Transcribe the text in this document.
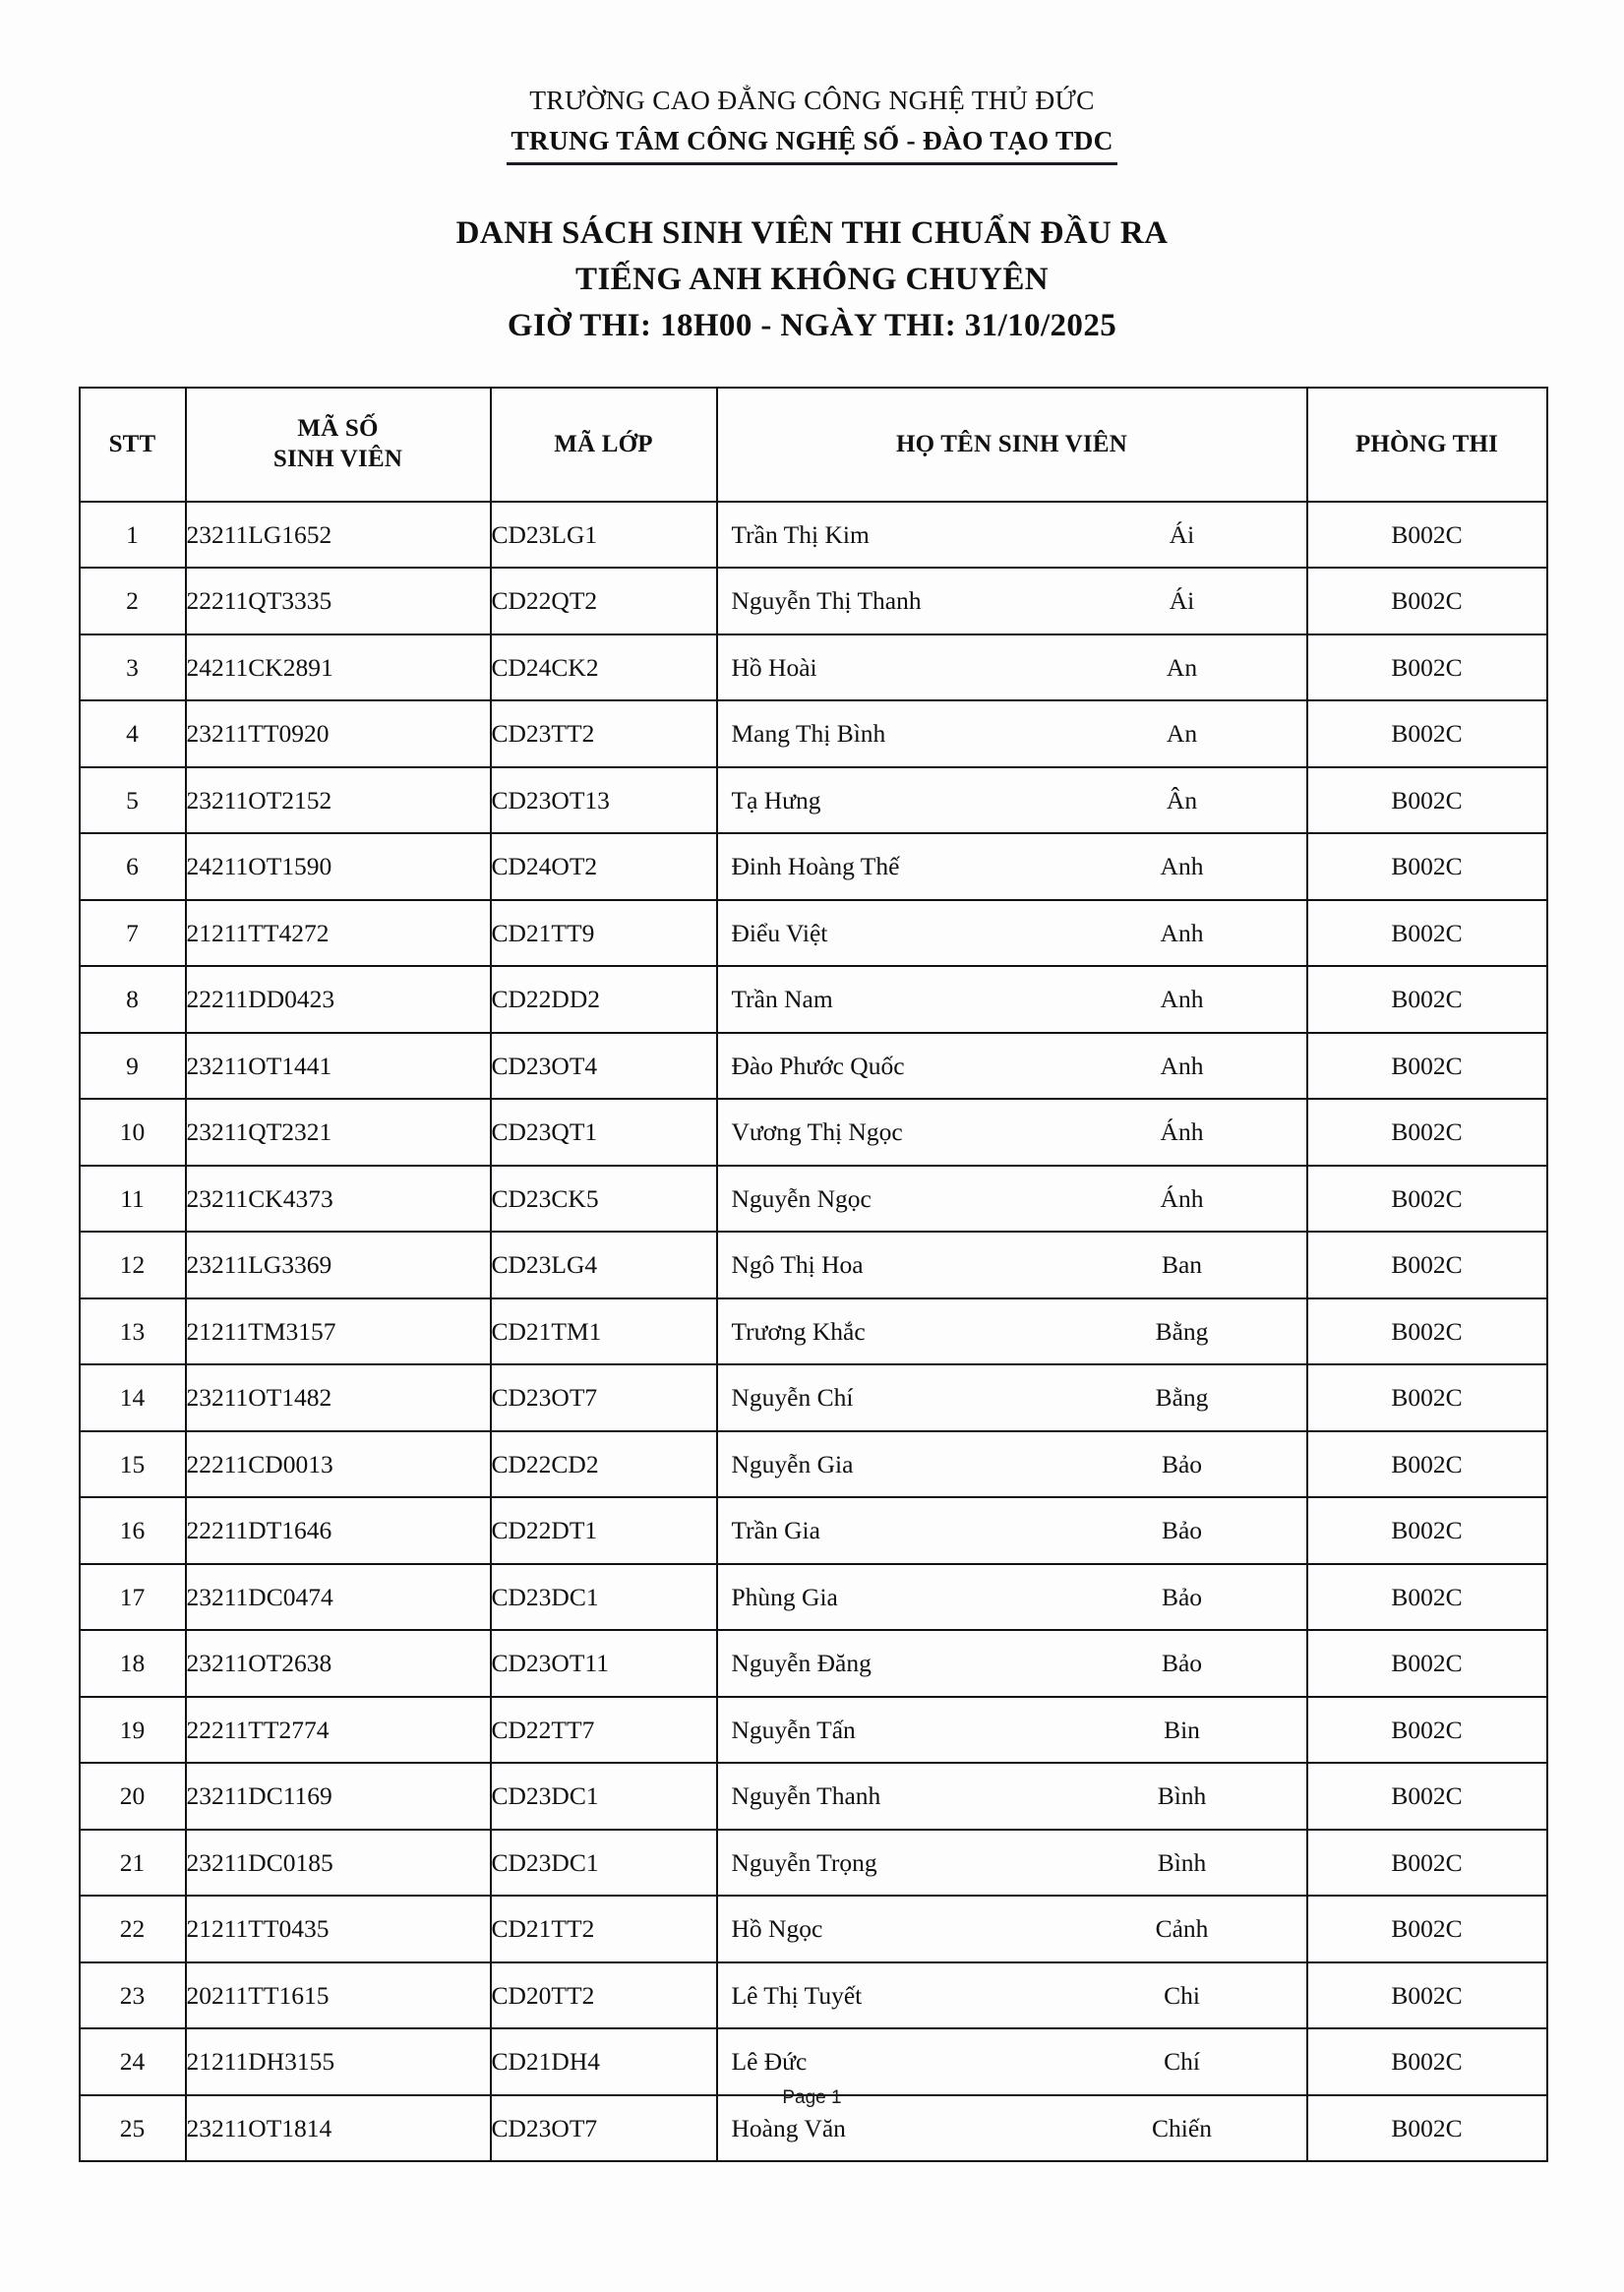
TRƯỜNG CAO ĐẲNG CÔNG NGHỆ THỦ ĐỨC
TRUNG TÂM CÔNG NGHỆ SỐ - ĐÀO TẠO TDC
DANH SÁCH SINH VIÊN THI CHUẨN ĐẦU RA
TIẾNG ANH KHÔNG CHUYÊN
GIỜ THI: 18H00 - NGÀY THI: 31/10/2025
STT	MÃ SỐ
SINH VIÊN	MÃ LỚP	HỌ TÊN SINH VIÊN	PHÒNG THI
1	23211LG1652	CD23LG1	Trần Thị Kim Ái	B002C
2	22211QT3335	CD22QT2	Nguyễn Thị Thanh Ái	B002C
3	24211CK2891	CD24CK2	Hồ Hoài An	B002C
4	23211TT0920	CD23TT2	Mang Thị Bình An	B002C
5	23211OT2152	CD23OT13	Tạ Hưng Ân	B002C
6	24211OT1590	CD24OT2	Đinh Hoàng Thế Anh	B002C
7	21211TT4272	CD21TT9	Điểu Việt Anh	B002C
8	22211DD0423	CD22DD2	Trần Nam Anh	B002C
9	23211OT1441	CD23OT4	Đào Phước Quốc Anh	B002C
10	23211QT2321	CD23QT1	Vương Thị Ngọc Ánh	B002C
11	23211CK4373	CD23CK5	Nguyễn Ngọc Ánh	B002C
12	23211LG3369	CD23LG4	Ngô Thị Hoa Ban	B002C
13	21211TM3157	CD21TM1	Trương Khắc Bằng	B002C
14	23211OT1482	CD23OT7	Nguyễn Chí Bằng	B002C
15	22211CD0013	CD22CD2	Nguyễn Gia Bảo	B002C
16	22211DT1646	CD22DT1	Trần Gia Bảo	B002C
17	23211DC0474	CD23DC1	Phùng Gia Bảo	B002C
18	23211OT2638	CD23OT11	Nguyễn Đăng Bảo	B002C
19	22211TT2774	CD22TT7	Nguyễn Tấn Bin	B002C
20	23211DC1169	CD23DC1	Nguyễn Thanh Bình	B002C
21	23211DC0185	CD23DC1	Nguyễn Trọng Bình	B002C
22	21211TT0435	CD21TT2	Hồ Ngọc Cảnh	B002C
23	20211TT1615	CD20TT2	Lê Thị Tuyết Chi	B002C
24	21211DH3155	CD21DH4	Lê Đức Chí	B002C
25	23211OT1814	CD23OT7	Hoàng Văn Chiến	B002C
Page 1
